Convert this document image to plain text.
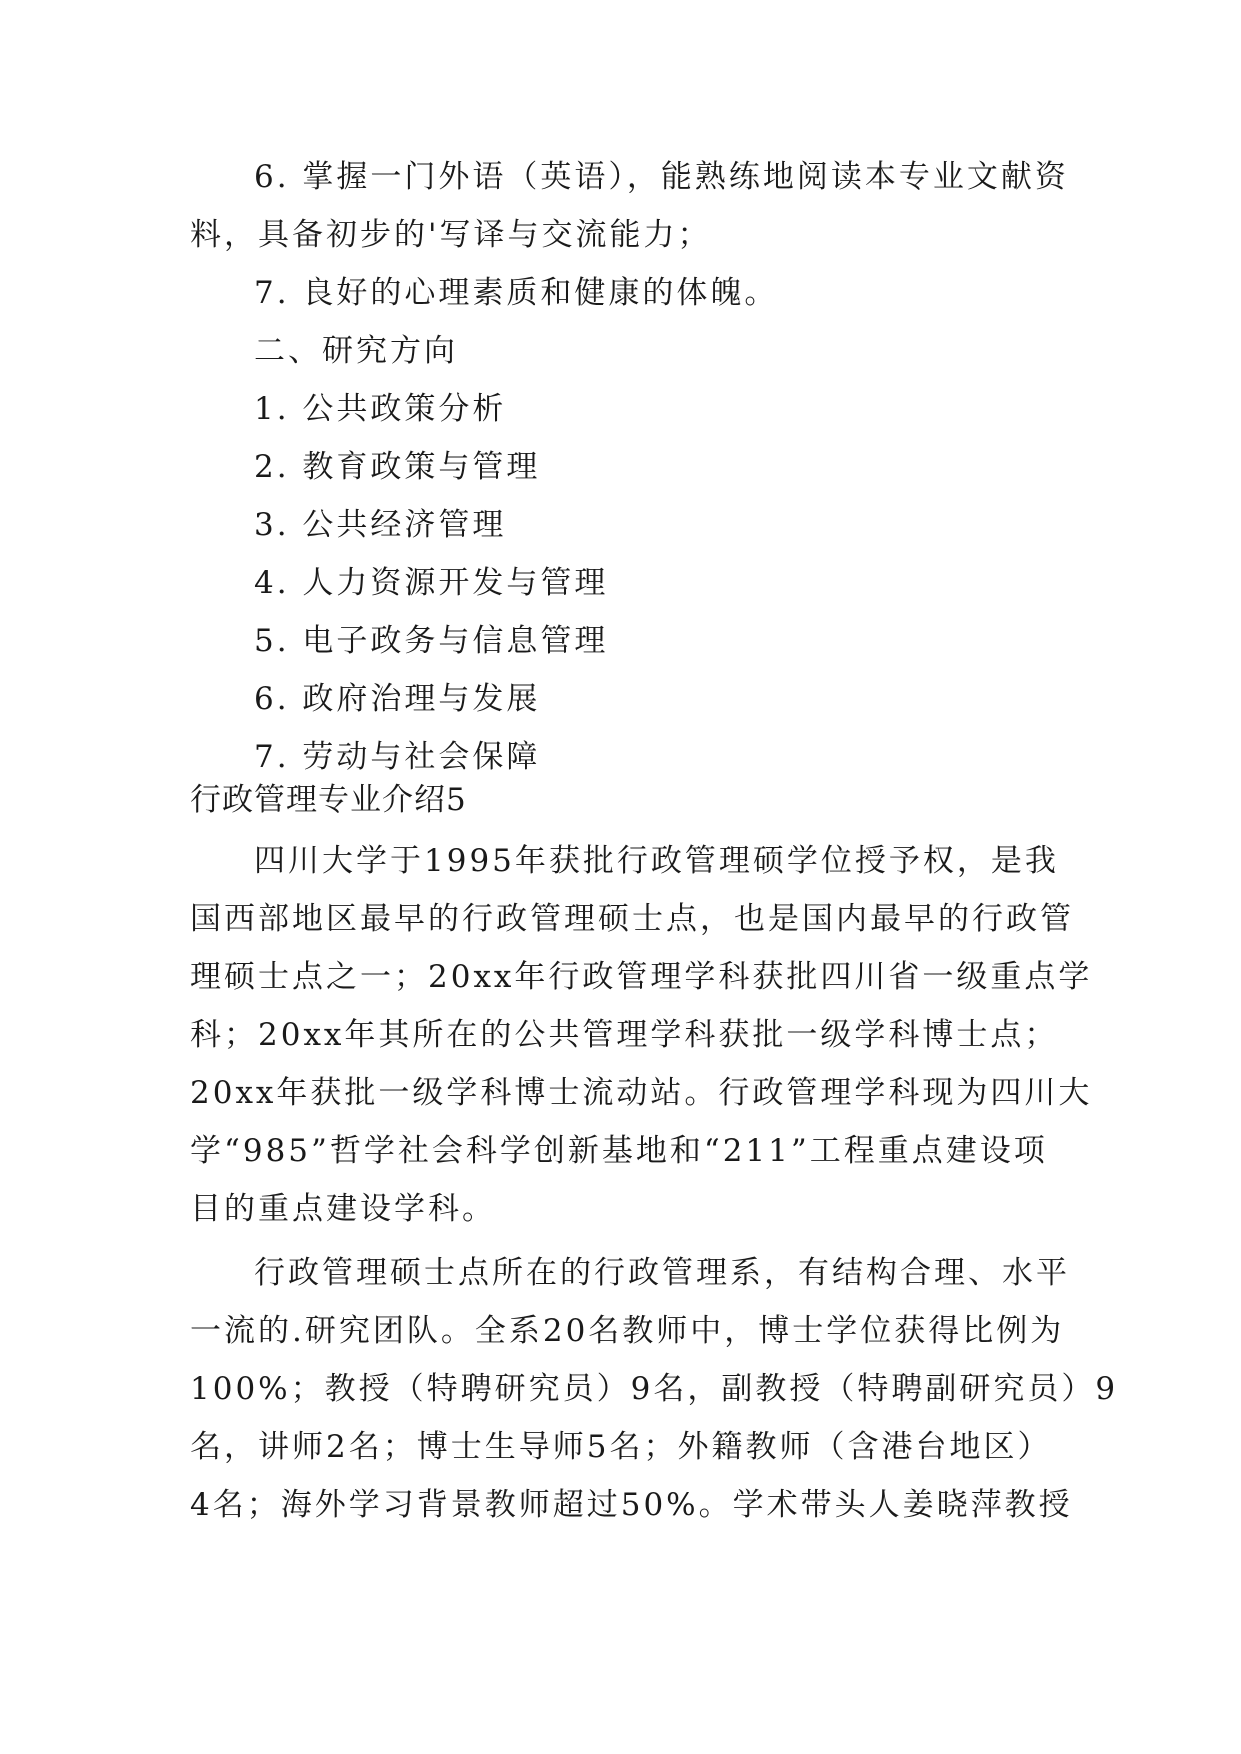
6. 掌握一门外语（英语），能熟练地阅读本专业文献资
料，具备初步的'写译与交流能力；
7. 良好的心理素质和健康的体魄。
二、研究方向
1. 公共政策分析
2. 教育政策与管理
3. 公共经济管理
4. 人力资源开发与管理
5. 电子政务与信息管理
6. 政府治理与发展
7. 劳动与社会保障
行政管理专业介绍5
四川大学于1995年获批行政管理硕学位授予权，是我
国西部地区最早的行政管理硕士点，也是国内最早的行政管
理硕士点之一；20xx年行政管理学科获批四川省一级重点学
科；20xx年其所在的公共管理学科获批一级学科博士点；
20xx年获批一级学科博士流动站。行政管理学科现为四川大
学“985”哲学社会科学创新基地和“211”工程重点建设项
目的重点建设学科。
行政管理硕士点所在的行政管理系，有结构合理、水平
一流的.研究团队。全系20名教师中，博士学位获得比例为
100%；教授（特聘研究员）9名，副教授（特聘副研究员）9
名，讲师2名；博士生导师5名；外籍教师（含港台地区）
4名；海外学习背景教师超过50%。学术带头人姜晓萍教授
